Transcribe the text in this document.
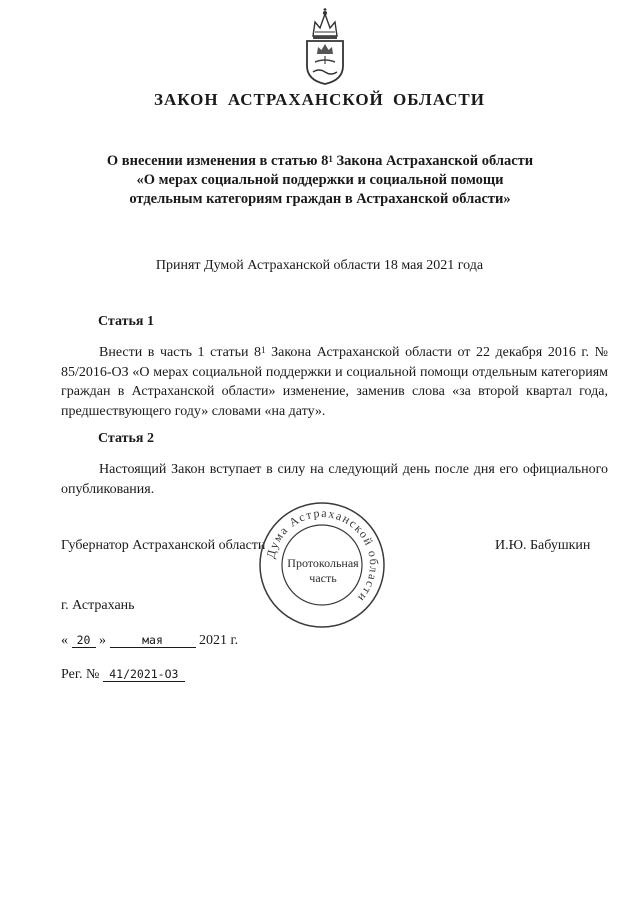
ЗАКОН АСТРАХАНСКОЙ ОБЛАСТИ
О внесении изменения в статью $8^1$ Закона Астраханской области
«О мерах социальной поддержки и социальной помощи
отдельным категориям граждан в Астраханской области»
Принят Думой Астраханской области 18 мая 2021 года
Статья 1
Внести в часть 1 статьи $8^1$ Закона Астраханской области от 22 декабря 2016 г. № 85/2016-ОЗ «О мерах социальной поддержки и социальной помощи отдельным категориям граждан в Астраханской области» изменение, заменив слова «за второй квартал года, предшествующего году» словами «на дату».
Статья 2
Настоящий Закон вступает в силу на следующий день после дня его официального опубликования.
Губернатор Астраханской области	И.Ю. Бабушкин
Дума Астраханской области
Протокольная
часть
г. Астрахань
« 20 »	мая	2021 г.
Рег. № 41/2021-ОЗ
